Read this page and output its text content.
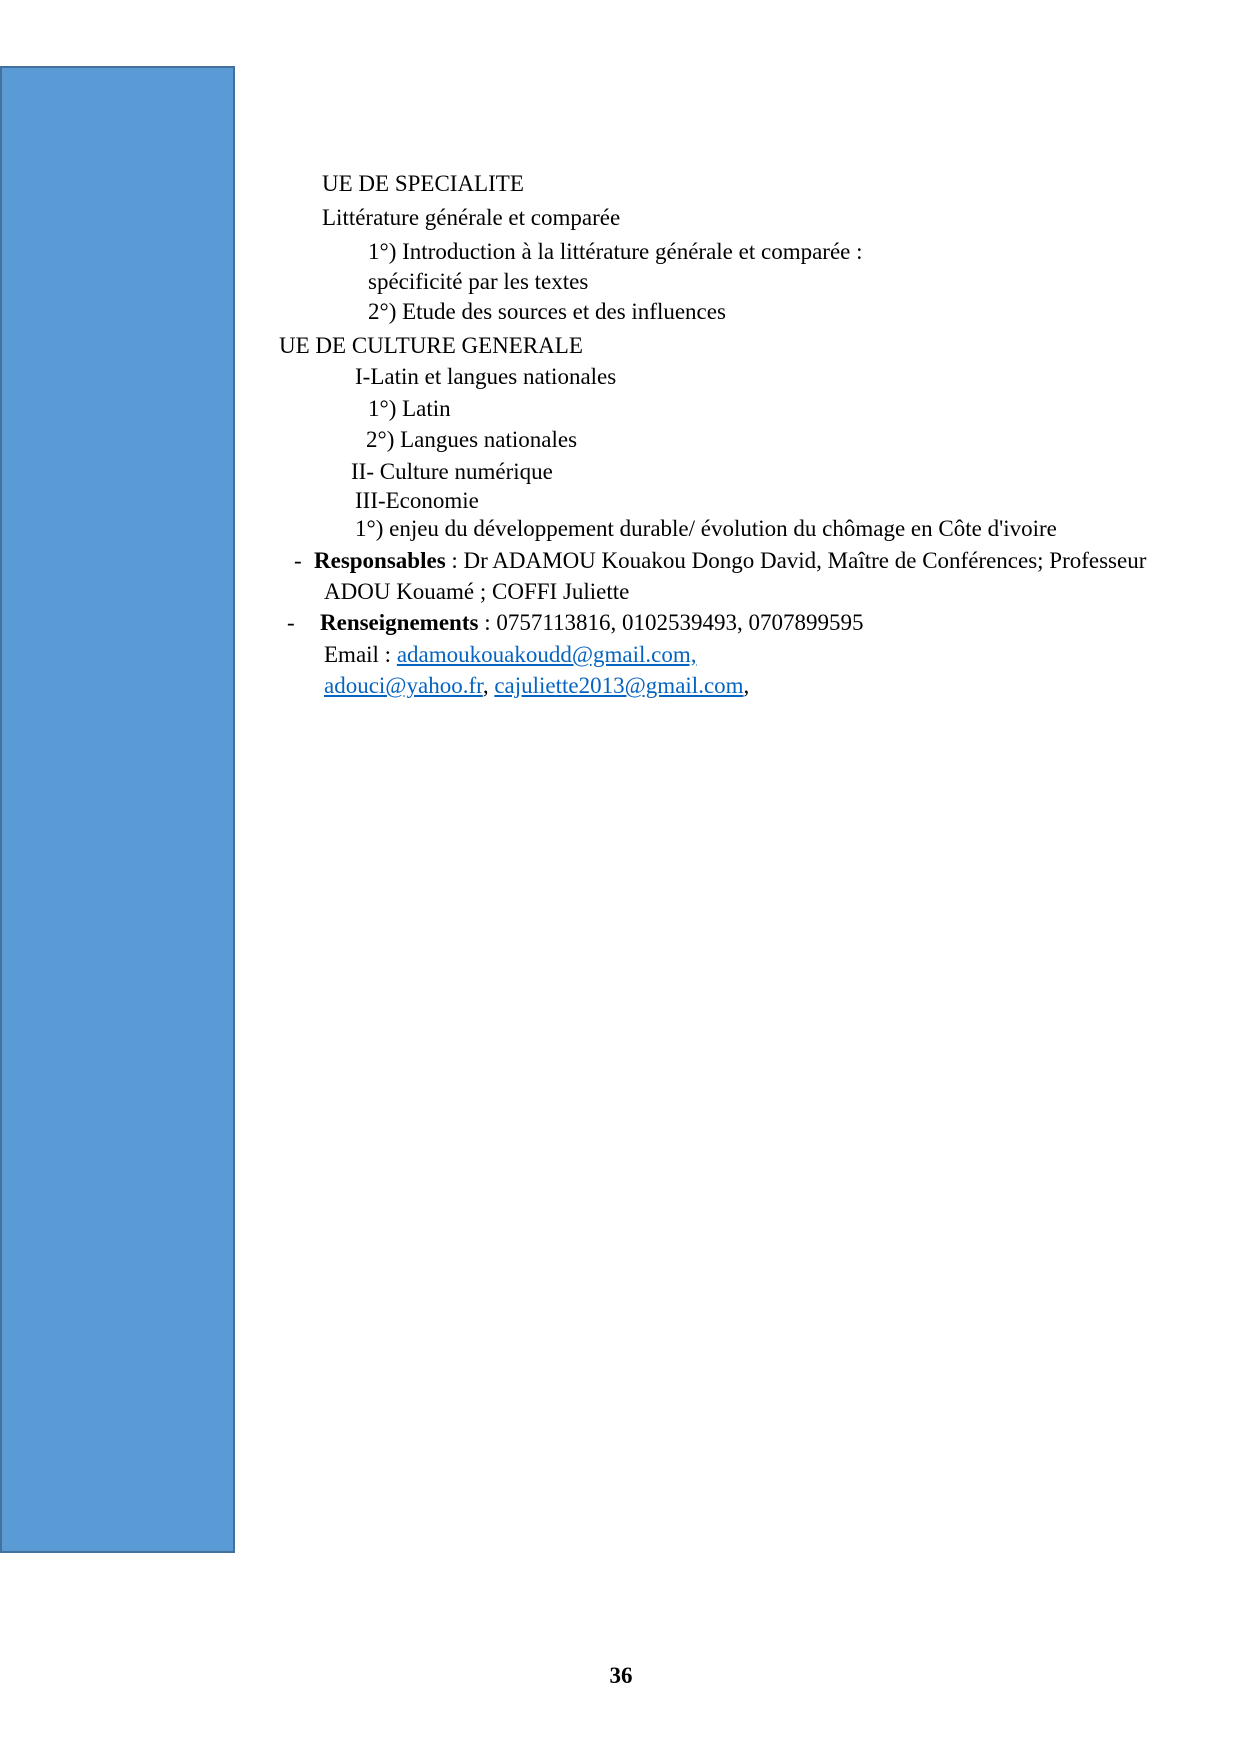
UE DE SPECIALITE
Littérature générale et comparée
1°) Introduction à la littérature générale et comparée :
spécificité par les textes
2°) Etude des sources et des influences
UE DE CULTURE GENERALE
I-Latin et langues nationales
1°) Latin
2°) Langues nationales
II- Culture numérique
III-Economie
1°) enjeu du développement durable/ évolution du chômage en Côte d'ivoire
- Responsables : Dr ADAMOU Kouakou Dongo David, Maître de Conférences; Professeur
ADOU Kouamé ; COFFI Juliette
- Renseignements : 0757113816, 0102539493, 0707899595
Email : adamoukouakoudd@gmail.com,
adouci@yahoo.fr, cajuliette2013@gmail.com,
36
